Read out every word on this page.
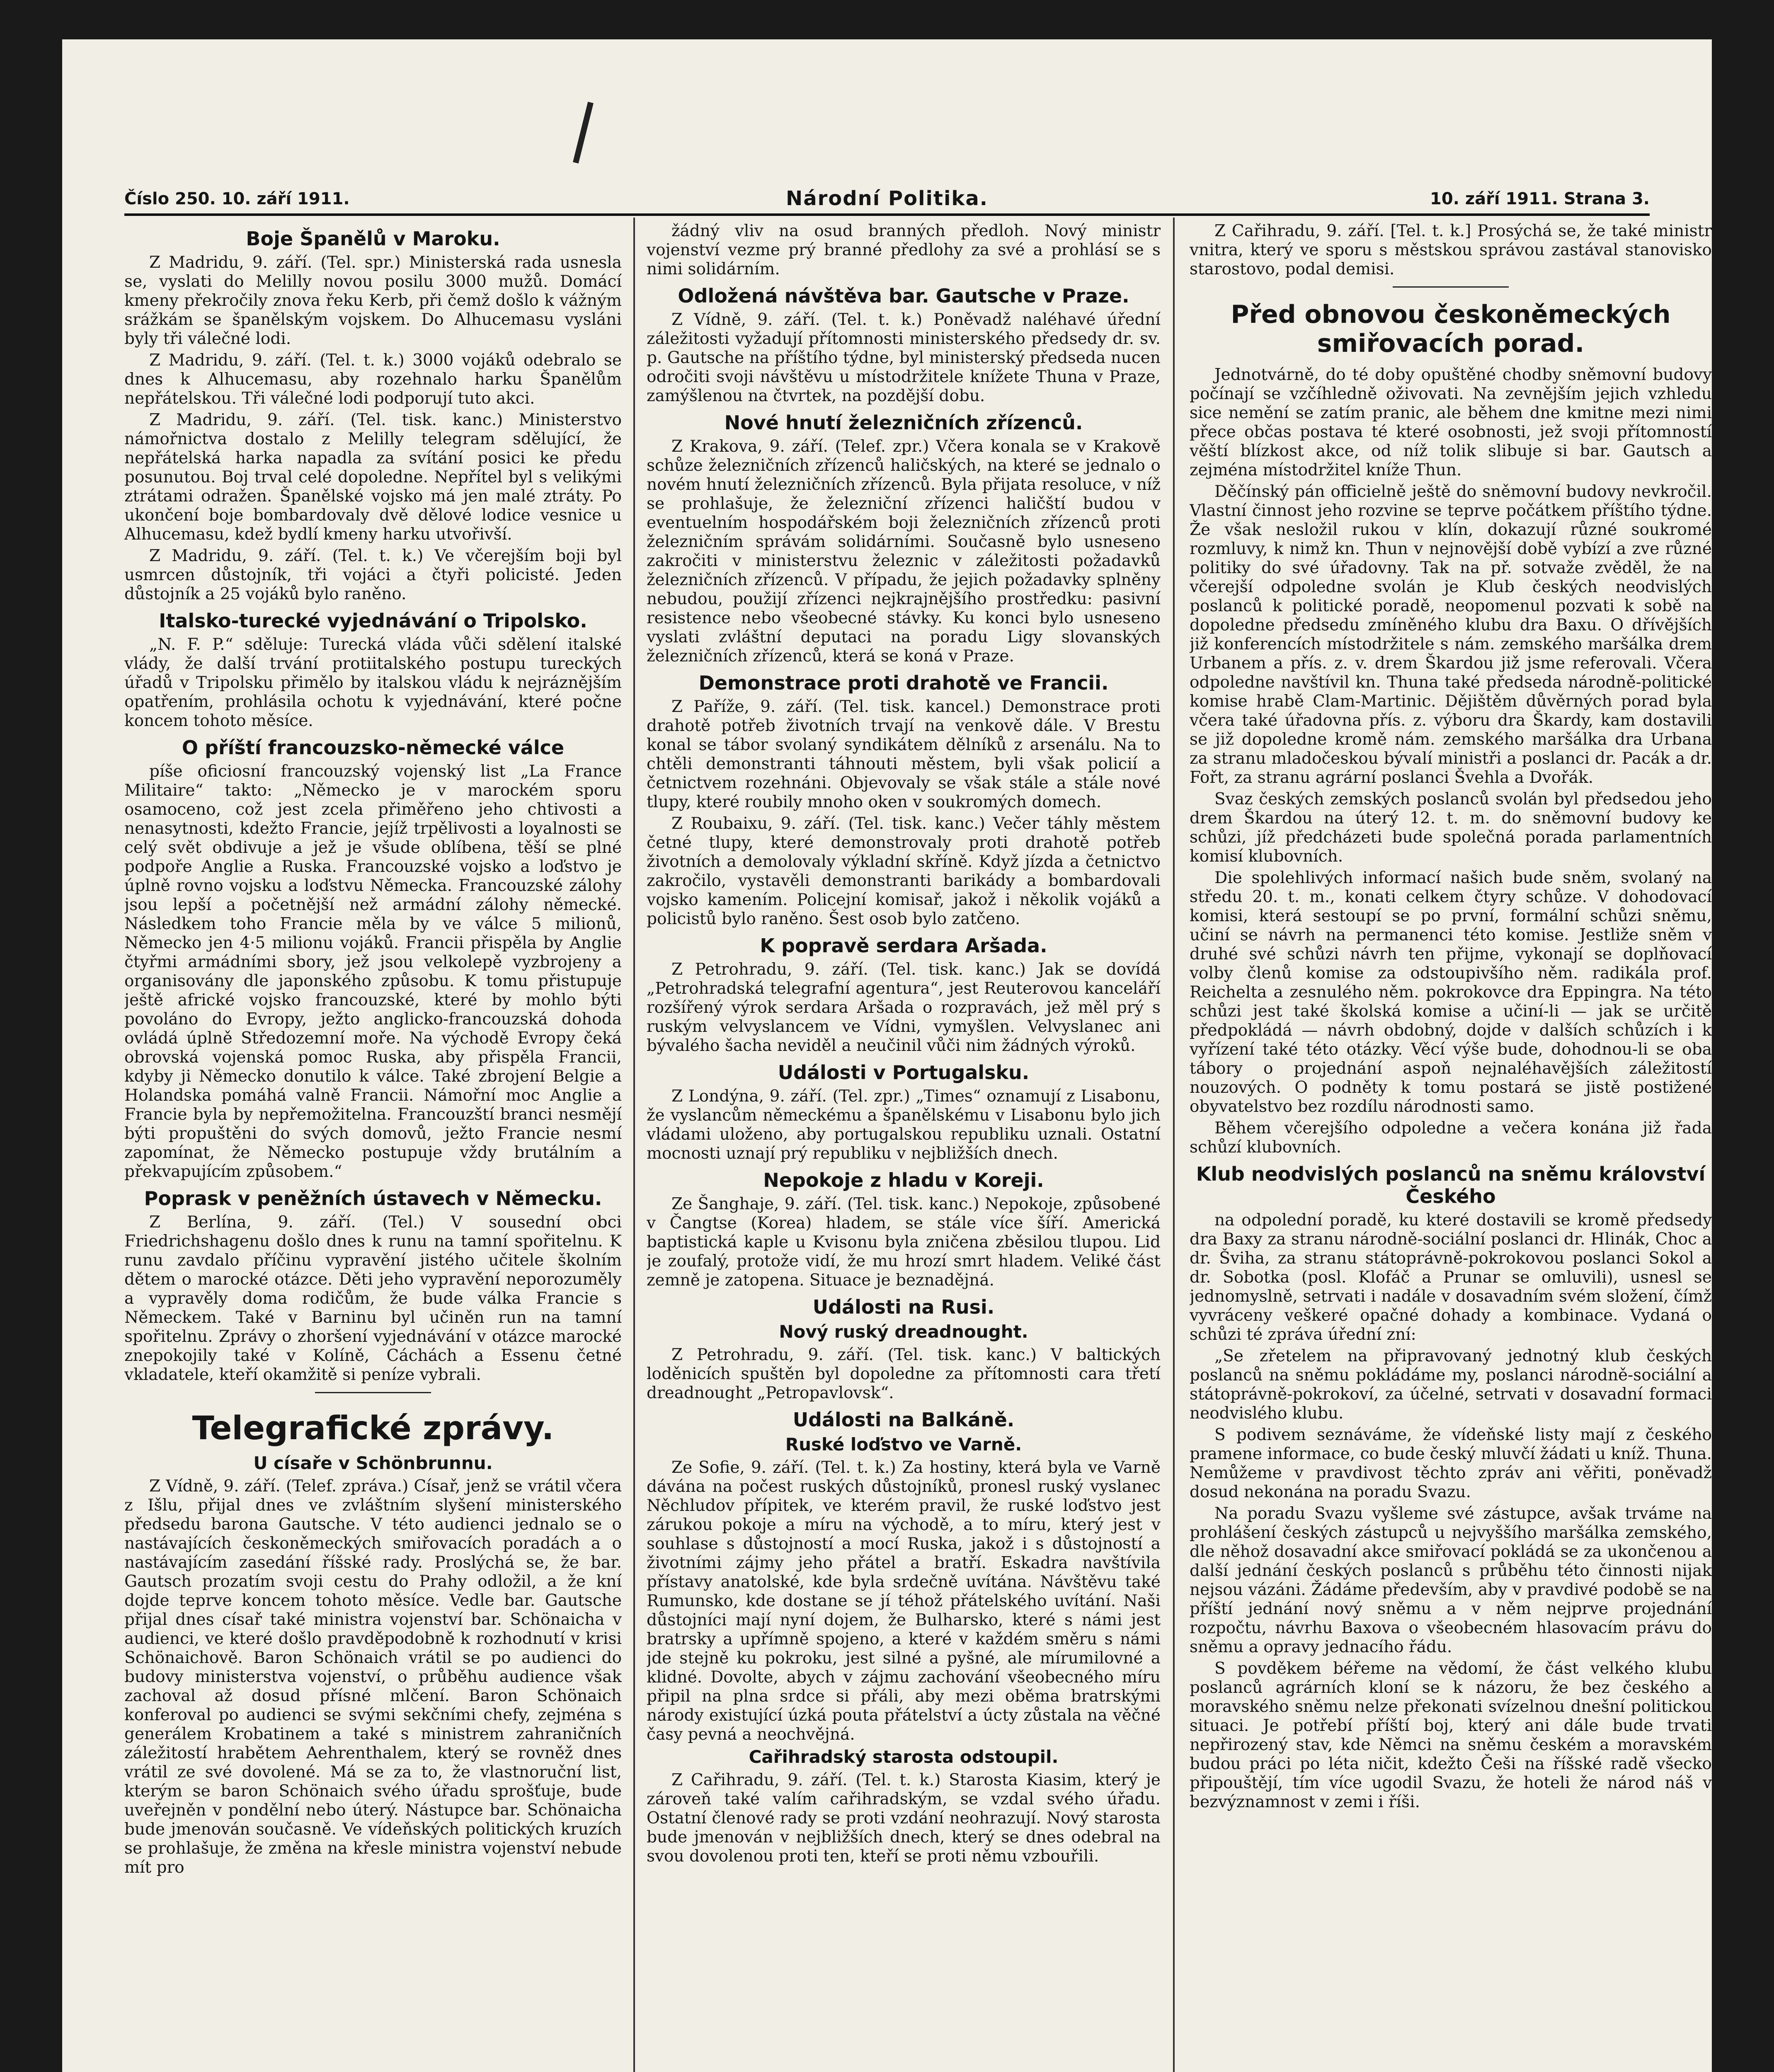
Číslo 250. 10. září 1911.	Národní Politika.	10. září 1911. Strana 3.
Boje Španělů v Maroku.

Z Madridu, 9. září. (Tel. spr.) Ministerská rada usnesla se, vyslati do Melilly novou posilu 3000 mužů. Domácí kmeny překročily znova řeku Kerb, při čemž došlo k vážným srážkám se španělským vojskem. Do Alhucemasu vysláni byly tři válečné lodi.

Z Madridu, 9. září. (Tel. t. k.) 3000 vojáků odebralo se dnes k Alhucemasu, aby rozehnalo harku Španělům nepřátelskou. Tři válečné lodi podporují tuto akci.

Z Madridu, 9. září. (Tel. tisk. kanc.) Ministerstvo námořnictva dostalo z Melilly telegram sdělující, že nepřátelská harka napadla za svítání posici ke předu posunutou. Boj trval celé dopoledne. Nepřítel byl s velikými ztrátami odražen. Španělské vojsko má jen malé ztráty. Po ukončení boje bombardovaly dvě dělové lodice vesnice u Alhucemasu, kdež bydlí kmeny harku utvořivší.

Z Madridu, 9. září. (Tel. t. k.) Ve včerejším boji byl usmrcen důstojník, tři vojáci a čtyři policisté. Jeden důstojník a 25 vojáků bylo raněno.

Italsko-turecké vyjednávání o Tripolsko.

„N. F. P.“ sděluje: Turecká vláda vůči sdělení italské vlády, že další trvání protiitalského postupu tureckých úřadů v Tripolsku přimělo by italskou vládu k nejráznějším opatřením, prohlásila ochotu k vyjednávání, které počne koncem tohoto měsíce.

O příští francouzsko-německé válce

píše oficiosní francouzský vojenský list „La France Militaire“ takto: „Německo je v marockém sporu osamoceno, což jest zcela přiměřeno jeho chtivosti a nenasytnosti, kdežto Francie, jejíž trpělivosti a loyalnosti se celý svět obdivuje a jež je všude oblíbena, těší se plné podpoře Anglie a Ruska. Francouzské vojsko a loďstvo je úplně rovno vojsku a loďstvu Německa. Francouzské zálohy jsou lepší a početnější než armádní zálohy německé. Následkem toho Francie měla by ve válce 5 milionů, Německo jen 4·5 milionu vojáků. Francii přispěla by Anglie čtyřmi armádními sbory, jež jsou velkolepě vyzbrojeny a organisovány dle japonského způsobu. K tomu přistupuje ještě africké vojsko francouzské, které by mohlo býti povoláno do Evropy, ježto anglicko-francouzská dohoda ovládá úplně Středozemní moře. Na východě Evropy čeká obrovská vojenská pomoc Ruska, aby přispěla Francii, kdyby ji Německo donutilo k válce. Také zbrojení Belgie a Holandska pomáhá valně Francii. Námořní moc Anglie a Francie byla by nepřemožitelna. Francouzští branci nesmějí býti propuštěni do svých domovů, ježto Francie nesmí zapomínat, že Německo postupuje vždy brutálním a překvapujícím způsobem.“

Poprask v peněžních ústavech v Německu.

Z Berlína, 9. září. (Tel.) V sousední obci Friedrichshagenu došlo dnes k runu na tamní spořitelnu. K runu zavdalo příčinu vypravění jistého učitele školním dětem o marocké otázce. Děti jeho vypravění neporozuměly a vypravěly doma rodičům, že bude válka Francie s Německem. Také v Barninu byl učiněn run na tamní spořitelnu. Zprávy o zhoršení vyjednávání v otázce marocké znepokojily také v Kolíně, Cáchách a Essenu četné vkladatele, kteří okamžitě si peníze vybrali.

Telegrafické zprávy.
U císaře v Schönbrunnu.

Z Vídně, 9. září. (Telef. zpráva.) Císař, jenž se vrátil včera z Išlu, přijal dnes ve zvláštním slyšení ministerského předsedu barona Gautsche. V této audienci jednalo se o nastávajících českoněmeckých smiřovacích poradách a o nastávajícím zasedání říšské rady. Proslýchá se, že bar. Gautsch prozatím svoji cestu do Prahy odložil, a že kní dojde teprve koncem tohoto měsíce. Vedle bar. Gautsche přijal dnes císař také ministra vojenství bar. Schönaicha v audienci, ve které došlo pravděpodobně k rozhodnutí v krisi Schönaichově. Baron Schönaich vrátil se po audienci do budovy ministerstva vojenství, o průběhu audience však zachoval až dosud přísné mlčení. Baron Schönaich konferoval po audienci se svými sekčními chefy, zejména s generálem Krobatinem a také s ministrem zahraničních záležitostí hrabětem Aehrenthalem, který se rovněž dnes vrátil ze své dovolené. Má se za to, že vlastnoruční list, kterým se baron Schönaich svého úřadu sprošťuje, bude uveřejněn v pondělní nebo úterý. Nástupce bar. Schönaicha bude jmenován současně. Ve vídeňských politických kruzích se prohlašuje, že změna na křesle ministra vojenství nebude mít pro

žádný vliv na osud branných předloh. Nový ministr vojenství vezme prý branné předlohy za své a prohlásí se s nimi solidárním.

Odložená návštěva bar. Gautsche v Praze.

Z Vídně, 9. září. (Tel. t. k.) Poněvadž naléhavé úřední záležitosti vyžadují přítomnosti ministerského předsedy dr. sv. p. Gautsche na příštího týdne, byl ministerský předseda nucen odročiti svoji návštěvu u místodržitele knížete Thuna v Praze, zamýšlenou na čtvrtek, na pozdější dobu.

Nové hnutí železničních zřízenců.

Z Krakova, 9. září. (Telef. zpr.) Včera konala se v Krakově schůze železničních zřízenců haličských, na které se jednalo o novém hnutí železničních zřízenců. Byla přijata resoluce, v níž se prohlašuje, že železniční zřízenci haličští budou v eventuelním hospodářském boji železničních zřízenců proti železničním správám solidárními. Současně bylo usneseno zakročiti v ministerstvu železnic v záležitosti požadavků železničních zřízenců. V případu, že jejich požadavky splněny nebudou, použijí zřízenci nejkrajnějšího prostředku: pasivní resistence nebo všeobecné stávky. Ku konci bylo usneseno vyslati zvláštní deputaci na poradu Ligy slovanských železničních zřízenců, která se koná v Praze.

Demonstrace proti drahotě ve Francii.

Z Paříže, 9. září. (Tel. tisk. kancel.) Demonstrace proti drahotě potřeb životních trvají na venkově dále. V Brestu konal se tábor svolaný syndikátem dělníků z arsenálu. Na to chtěli demonstranti táhnouti městem, byli však policií a četnictvem rozehnáni. Objevovaly se však stále a stále nové tlupy, které roubily mnoho oken v soukromých domech.

Z Roubaixu, 9. září. (Tel. tisk. kanc.) Večer táhly městem četné tlupy, které demonstrovaly proti drahotě potřeb životních a demolovaly výkladní skříně. Když jízda a četnictvo zakročilo, vystavěli demonstranti barikády a bombardovali vojsko kamením. Policejní komisař, jakož i několik vojáků a policistů bylo raněno. Šest osob bylo zatčeno.

K popravě serdara Aršada.

Z Petrohradu, 9. září. (Tel. tisk. kanc.) Jak se dovídá „Petrohradská telegrafní agentura“, jest Reuterovou kanceláří rozšířený výrok serdara Aršada o rozpravách, jež měl prý s ruským velvyslancem ve Vídni, vymyšlen. Velvyslanec ani bývalého šacha neviděl a neučinil vůči nim žádných výroků.

Události v Portugalsku.

Z Londýna, 9. září. (Tel. zpr.) „Times“ oznamují z Lisabonu, že vyslancům německému a španělskému v Lisabonu bylo jich vládami uloženo, aby portugalskou republiku uznali. Ostatní mocnosti uznají prý republiku v nejbližších dnech.

Nepokoje z hladu v Koreji.

Ze Šanghaje, 9. září. (Tel. tisk. kanc.) Nepokoje, způsobené v Čangtse (Korea) hladem, se stále více šíří. Americká baptistická kaple u Kvisonu byla zničena zběsilou tlupou. Lid je zoufalý, protože vidí, že mu hrozí smrt hladem. Veliké část zemně je zatopena. Situace je beznadějná.

Události na Rusi.
Nový ruský dreadnought.

Z Petrohradu, 9. září. (Tel. tisk. kanc.) V baltických loděnicích spuštěn byl dopoledne za přítomnosti cara třetí dreadnought „Petropavlovsk“.

Události na Balkáně.
Ruské loďstvo ve Varně.

Ze Sofie, 9. září. (Tel. t. k.) Za hostiny, která byla ve Varně dávána na počest ruských důstojníků, pronesl ruský vyslanec Něchludov přípitek, ve kterém pravil, že ruské loďstvo jest zárukou pokoje a míru na východě, a to míru, který jest v souhlase s důstojností a mocí Ruska, jakož i s důstojností a životními zájmy jeho přátel a bratří. Eskadra navštívila přístavy anatolské, kde byla srdečně uvítána. Návštěvu také Rumunsko, kde dostane se jí téhož přátelského uvítání. Naši důstojníci mají nyní dojem, že Bulharsko, které s námi jest bratrsky a upřímně spojeno, a které v každém směru s námi jde stejně ku pokroku, jest silné a pyšné, ale mírumilovné a klidné. Dovolte, abych v zájmu zachování všeobecného míru připil na plna srdce si přáli, aby mezi oběma bratrskými národy existující úzká pouta přátelství a úcty zůstala na věčné časy pevná a neochvějná.

Cařihradský starosta odstoupil.

Z Cařihradu, 9. září. (Tel. t. k.) Starosta Kiasim, který je zároveň také valím cařihradským, se vzdal svého úřadu. Ostatní členové rady se proti vzdání neohrazují. Nový starosta bude jmenován v nejbližších dnech, který se dnes odebral na svou dovolenou proti ten, kteří se proti němu vzbouřili.

Z Cařihradu, 9. září. [Tel. t. k.] Prosýchá se, že také ministr vnitra, který ve sporu s městskou správou zastával stanovisko starostovo, podal demisi.

Před obnovou českoněmeckých smiřovacích porad.

Jednotvárně, do té doby opuštěné chodby sněmovní budovy počínají se vzčíhledně oživovati. Na zevnějším jejich vzhledu sice nemění se zatím pranic, ale během dne kmitne mezi nimi přece občas postava té které osobnosti, jež svoji přítomností věští blízkost akce, od níž tolik slibuje si bar. Gautsch a zejména místodržitel kníže Thun.

Děčínský pán officielně ještě do sněmovní budovy nevkročil. Vlastní činnost jeho rozvine se teprve počátkem příštího týdne. Že však nesložil rukou v klín, dokazují různé soukromé rozmluvy, k nimž kn. Thun v nejnovější době vybízí a zve různé politiky do své úřadovny. Tak na př. sotvaže zvěděl, že na včerejší odpoledne svolán je Klub českých neodvislých poslanců k politické poradě, neopomenul pozvati k sobě na dopoledne předsedu zmíněného klubu dra Baxu. O dřívějších již konferencích místodržitele s nám. zemského maršálka drem Urbanem a přís. z. v. drem Škardou již jsme referovali. Včera odpoledne navštívil kn. Thuna také předseda národně-politické komise hrabě Clam-Martinic. Dějištěm důvěrných porad byla včera také úřadovna přís. z. výboru dra Škardy, kam dostavili se již dopoledne kromě nám. zemského maršálka dra Urbana za stranu mladočeskou bývalí ministři a poslanci dr. Pacák a dr. Fořt, za stranu agrární poslanci Švehla a Dvořák.

Svaz českých zemských poslanců svolán byl předsedou jeho drem Škardou na úterý 12. t. m. do sněmovní budovy ke schůzi, jíž předcházeti bude společná porada parlamentních komisí klubovních.

Die spolehlivých informací našich bude sněm, svolaný na středu 20. t. m., konati celkem čtyry schůze. V dohodovací komisi, která sestoupí se po první, formální schůzi sněmu, učiní se návrh na permanenci této komise. Jestliže sněm v druhé své schůzi návrh ten přijme, vykonají se doplňovací volby členů komise za odstoupivšího něm. radikála prof. Reichelta a zesnulého něm. pokrokovce dra Eppingra. Na této schůzi jest také školská komise a učiní-li — jak se určitě předpokládá — návrh obdobný, dojde v dalších schůzích i k vyřízení také této otázky. Věcí výše bude, dohodnou-li se oba tábory o projednání aspoň nejnaléhavějších záležitostí nouzových. O podněty k tomu postará se jistě postižené obyvatelstvo bez rozdílu národnosti samo.

Během včerejšího odpoledne a večera konána již řada schůzí klubovních.

Klub neodvislých poslanců na sněmu království Českého

na odpolední poradě, ku které dostavili se kromě předsedy dra Baxy za stranu národně-sociální poslanci dr. Hlinák, Choc a dr. Šviha, za stranu státoprávně-pokrokovou poslanci Sokol a dr. Sobotka (posl. Klofáč a Prunar se omluvili), usnesl se jednomyslně, setrvati i nadále v dosavadním svém složení, čímž vyvráceny veškeré opačné dohady a kombinace. Vydaná o schůzi té zpráva úřední zní:

„Se zřetelem na připravovaný jednotný klub českých poslanců na sněmu pokládáme my, poslanci národně-sociální a státoprávně-pokrokoví, za účelné, setrvati v dosavadní formaci neodvislého klubu.

S podivem seznáváme, že vídeňské listy mají z českého pramene informace, co bude český mluvčí žádati u kníž. Thuna. Nemůžeme v pravdivost těchto zpráv ani věřiti, poněvadž dosud nekonána na poradu Svazu.

Na poradu Svazu vyšleme své zástupce, avšak trváme na prohlášení českých zástupců u nejvyššího maršálka zemského, dle něhož dosavadní akce smiřovací pokládá se za ukončenou a další jednání českých poslanců s průběhu této činnosti nijak nejsou vázáni. Žádáme především, aby v pravdivé podobě se na příští jednání nový sněmu a v něm nejprve projednání rozpočtu, návrhu Baxova o všeobecném hlasovacím právu do sněmu a opravy jednacího řádu.

S povděkem béřeme na vědomí, že část velkého klubu poslanců agrárních kloní se k názoru, že bez českého a moravského sněmu nelze překonati svízelnou dnešní politickou situaci. Je potřebí příští boj, který ani dále bude trvati nepřirozený stav, kde Němci na sněmu českém a moravském budou práci po léta ničit, kdežto Češi na říšské radě všecko připouštějí, tím více ugodil Svazu, že hoteli že národ náš v bezvýznamnost v zemi i říši.
